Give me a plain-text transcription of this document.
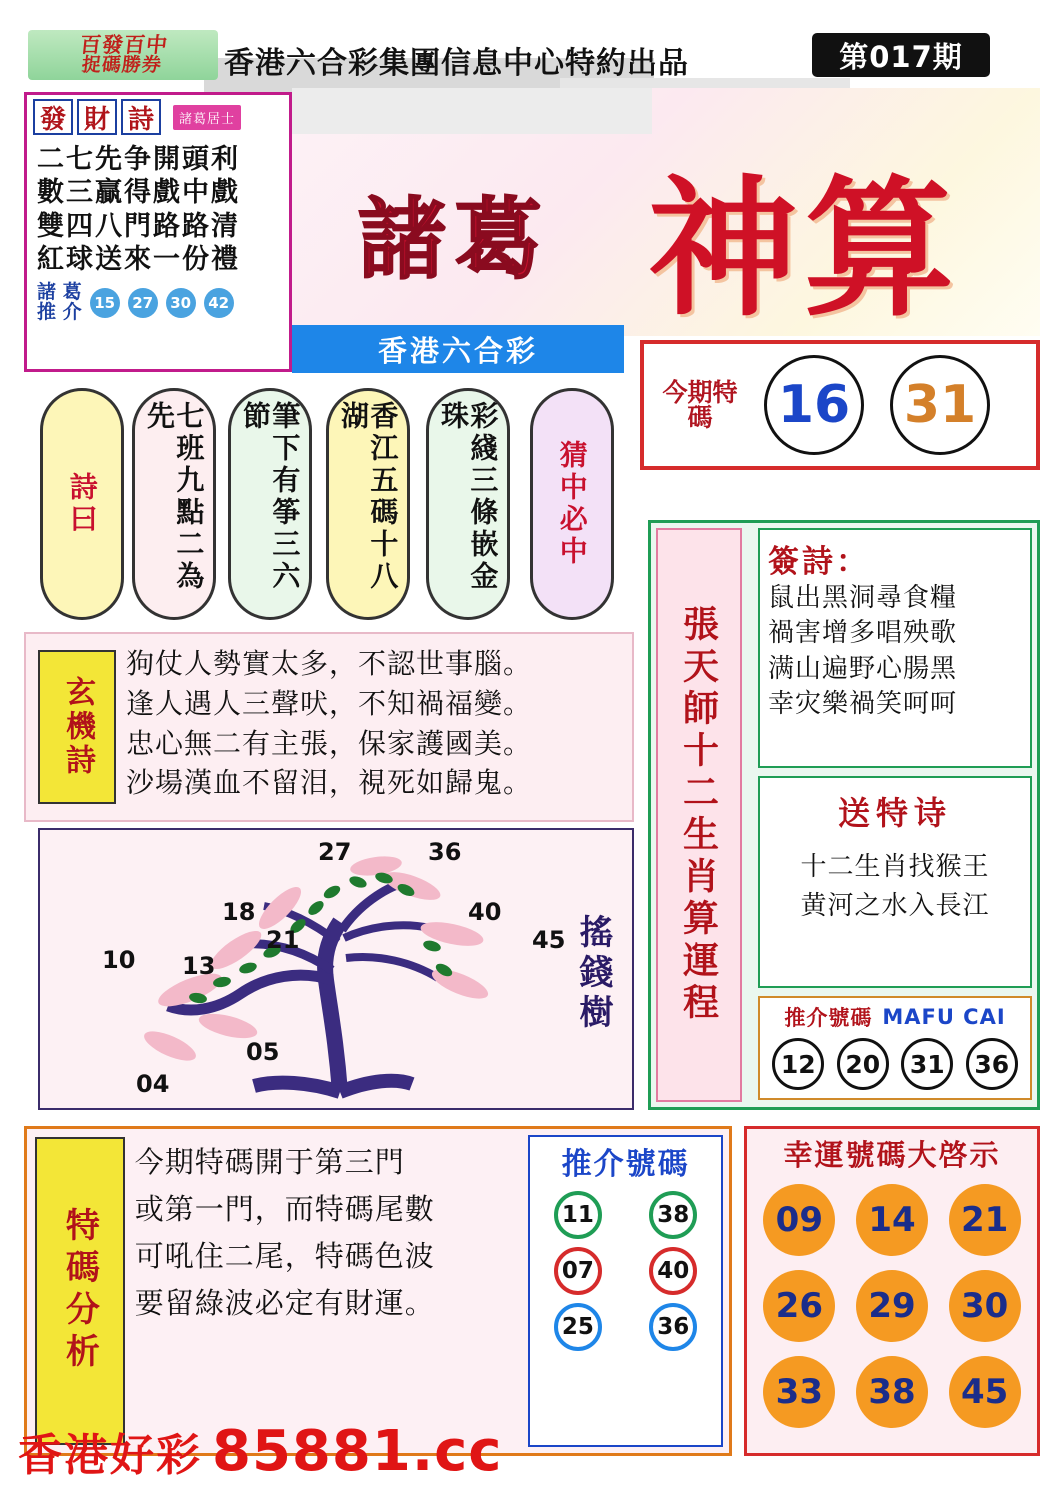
百發百中
捉碼勝券 香港六合彩集團信息中心特約出品	第017期
諸葛 神算
發 財 詩	諸葛居士
二七先争開頭利
數三贏得戲中戲
雙四八門路路清
紅球送來一份禮
諸 葛
推 介 15	27	30	42
香港六合彩
今期特碼	16 31
詩曰	七班九點二為先	筆下有筝三六節	香江五碼十八湖	彩綫三條嵌金珠
猜中必中
玄機詩
狗仗人勢實太多，不認世事腦。
逢人遇人三聲吠，不知禍福變。
忠心無二有主張，保家護國美。
沙場漢血不留泪，視死如歸鬼。
27	36
18	40
21	45
10 13
05
04
搖錢樹 張天師十二生肖算運程
簽詩：
鼠出黑洞尋食糧
禍害增多唱殃歌
满山遍野心腸黑
幸灾樂禍笑呵呵
送特诗
十二生肖找猴王
黄河之水入長江
推介號碼 MAFU CAI
12	20	31	36
特碼分析
今期特碼開于第三門
或第一門，而特碼尾數
可吼住二尾，特碼色波
要留綠波必定有財運。
推介號碼
11	38
07	40
25	36
幸運號碼大啓示
09	14	21
26	29	30
33	38	45
香港好彩 85881.cc
